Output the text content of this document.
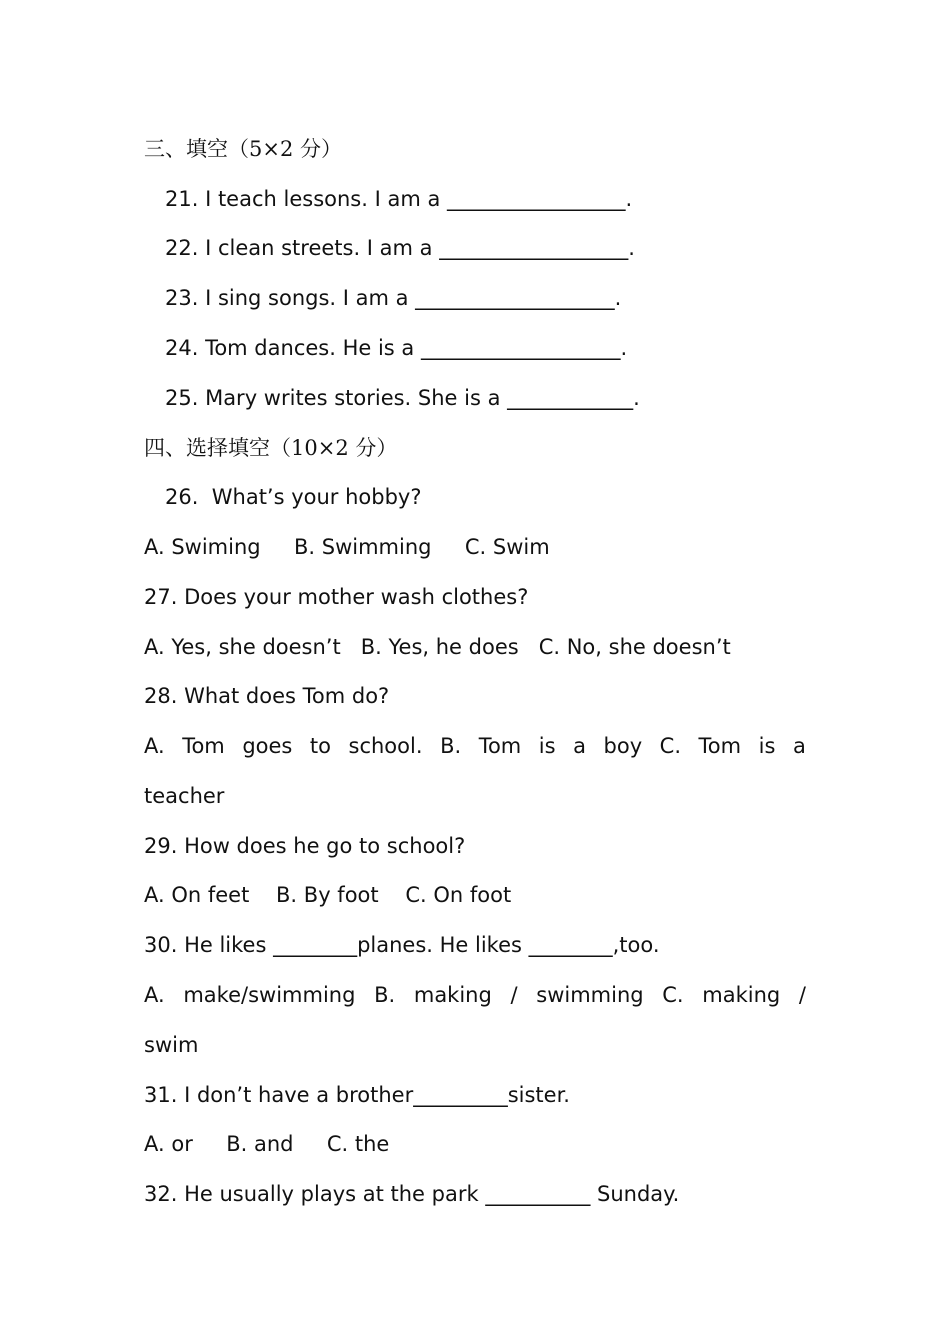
三、填空（5×2 分）
21. I teach lessons. I am a _________________.
22. I clean streets. I am a __________________.
23. I sing songs. I am a ___________________.
24. Tom dances. He is a ___________________.
25. Mary writes stories. She is a ____________.
四、选择填空（10×2 分）
26.  What’s your hobby?
A. Swiming     B. Swimming     C. Swim
27. Does your mother wash clothes?
A. Yes, she doesn’t   B. Yes, he does   C. No, she doesn’t
28. What does Tom do?
A. Tom goes to school. B. Tom is a boy C. Tom is a
teacher
29. How does he go to school?
A. On feet    B. By foot    C. On foot
30. He likes ________planes. He likes ________,too.
A. make/swimming B. making / swimming C. making /
swim
31. I don’t have a brother_________sister.
A. or     B. and     C. the
32. He usually plays at the park __________ Sunday.
